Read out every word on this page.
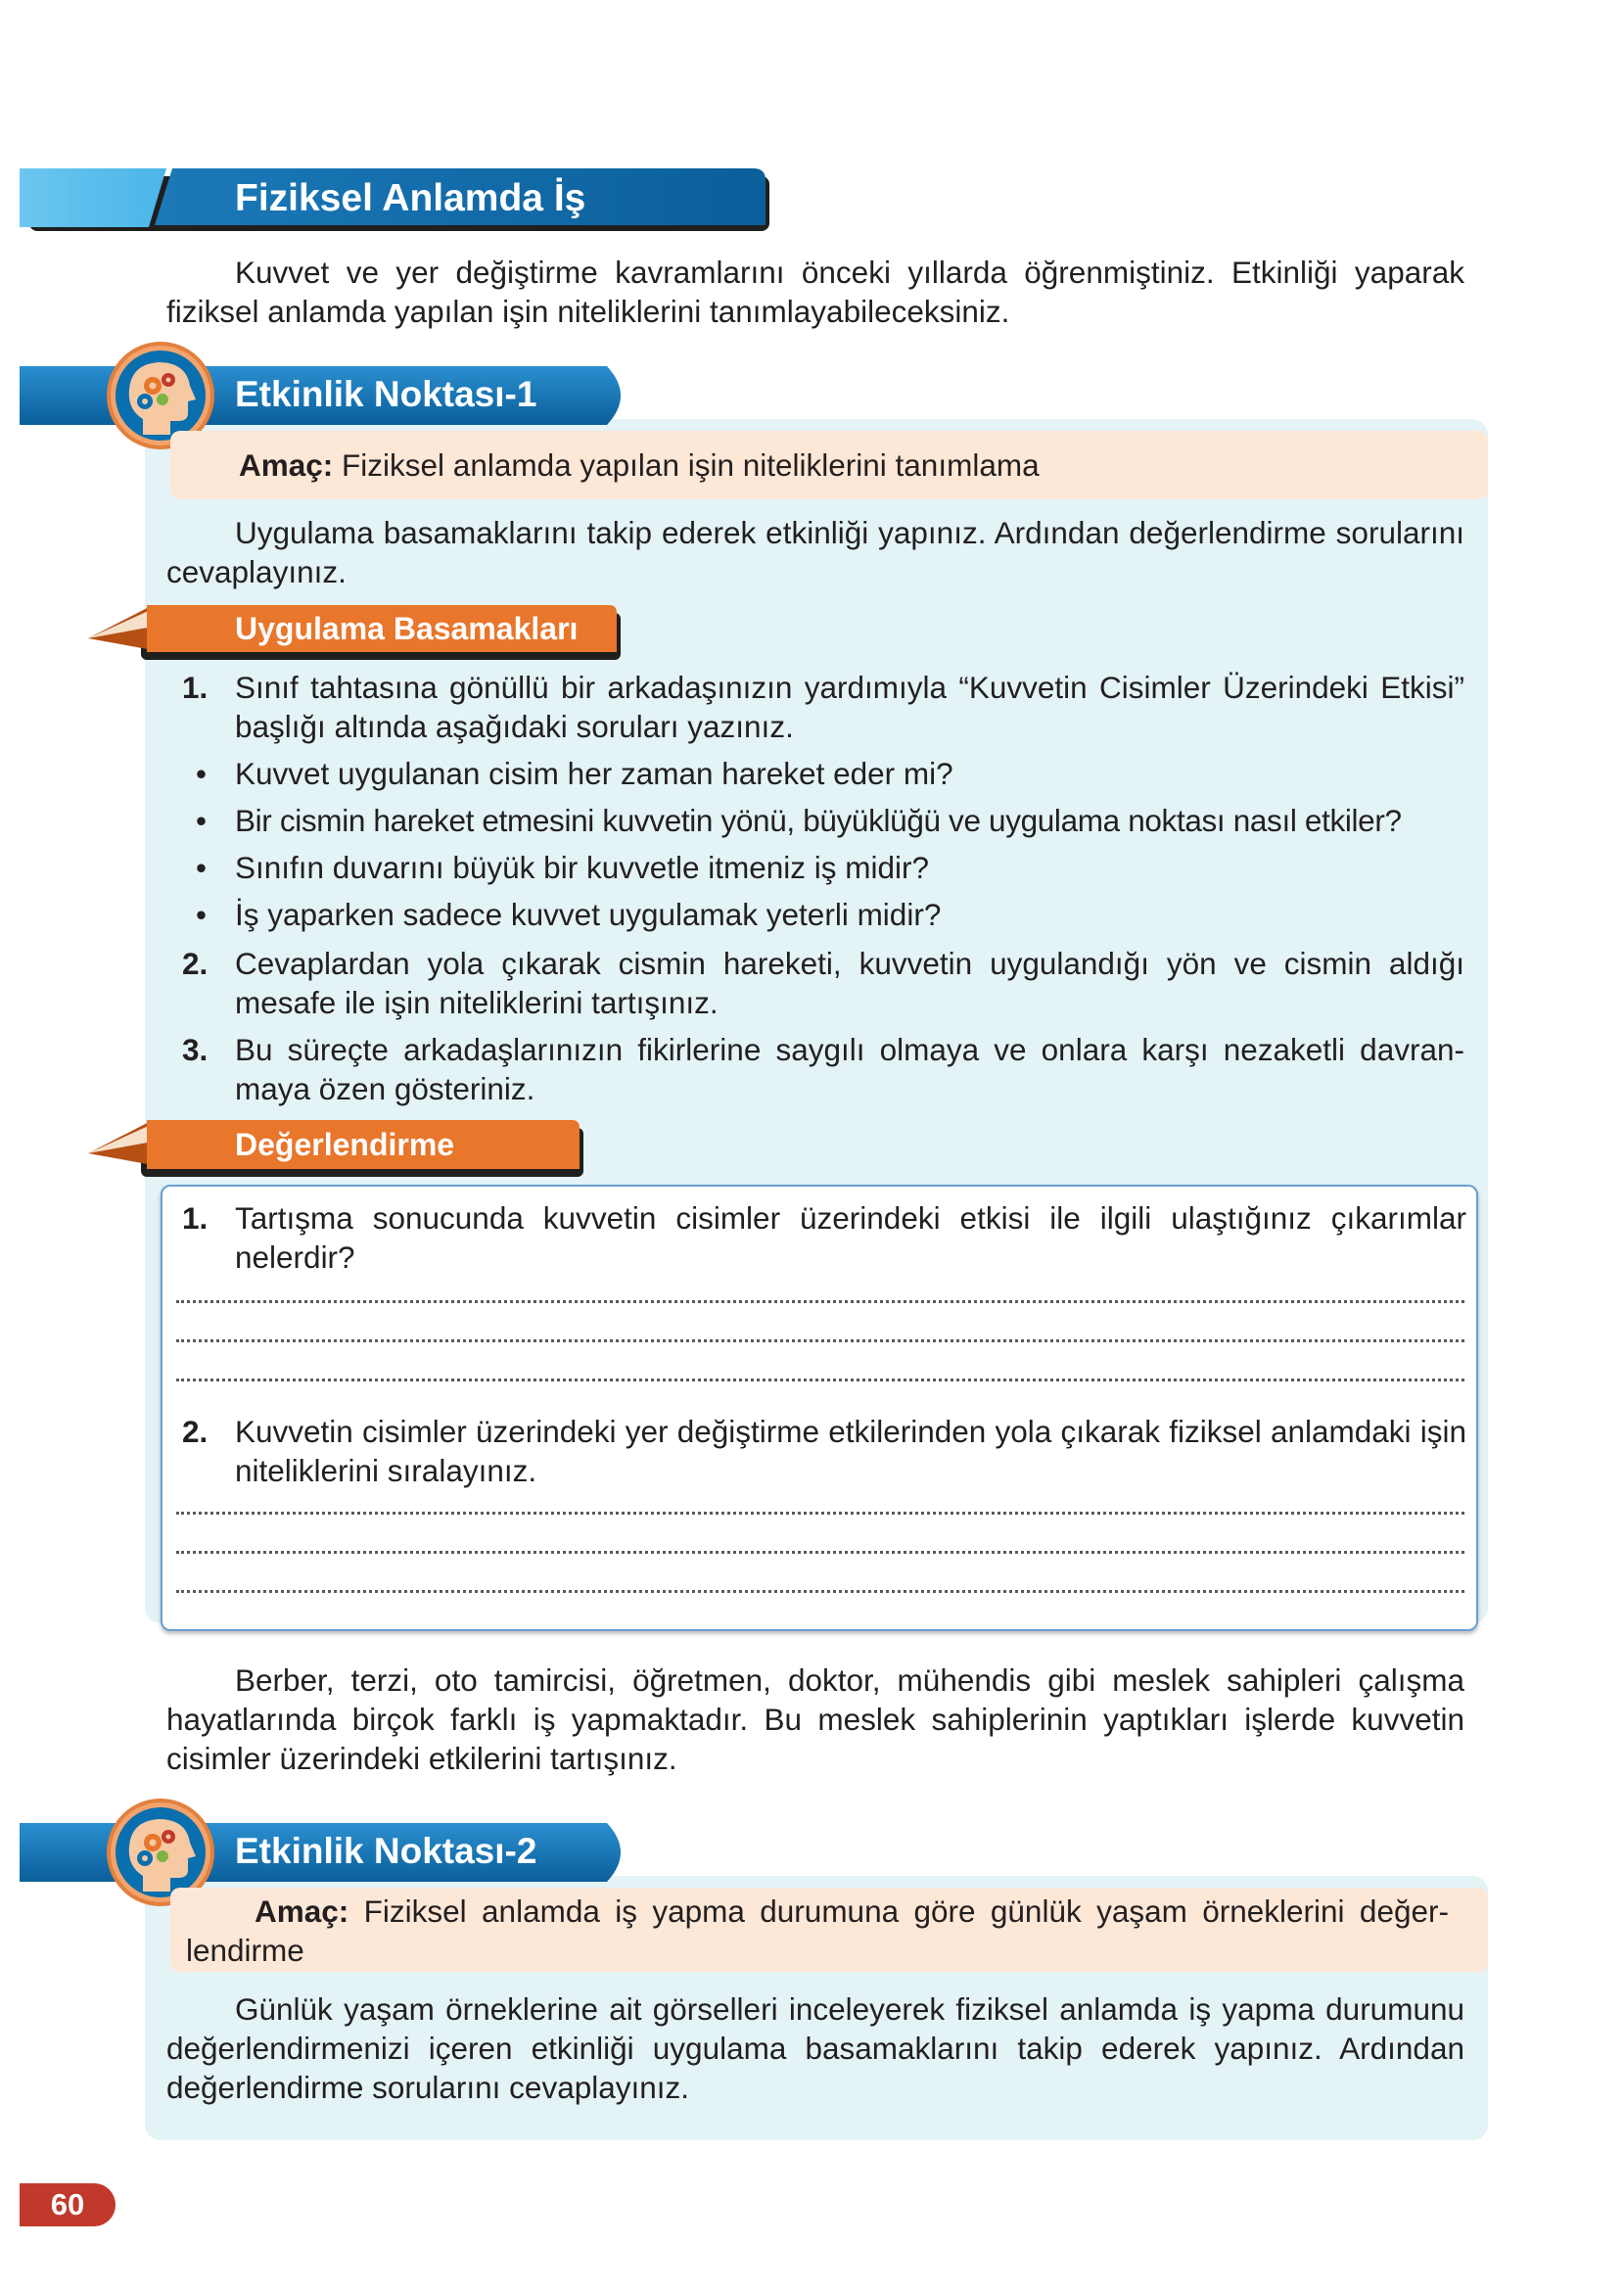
Fiziksel Anlamda İş
Kuvvet ve yer değiştirme kavramlarını önceki yıllarda öğrenmiştiniz. Etkinliği yaparak fiziksel anlamda yapılan işin niteliklerini tanımlayabileceksiniz.
Etkinlik Noktası-1
Amaç: Fiziksel anlamda yapılan işin niteliklerini tanımlama
Uygulama basamaklarını takip ederek etkinliği yapınız. Ardından değerlendirme sorularını cevaplayınız.
Uygulama Basamakları
1. Sınıf tahtasına gönüllü bir arkadaşınızın yardımıyla “Kuvvetin Cisimler Üzerindeki Etkisi” başlığı altında aşağıdaki soruları yazınız.
• Kuvvet uygulanan cisim her zaman hareket eder mi?
• Bir cismin hareket etmesini kuvvetin yönü, büyüklüğü ve uygulama noktası nasıl etkiler?
• Sınıfın duvarını büyük bir kuvvetle itmeniz iş midir?
• İş yaparken sadece kuvvet uygulamak yeterli midir?
2. Cevaplardan yola çıkarak cismin hareketi, kuvvetin uygulandığı yön ve cismin aldığı mesafe ile işin niteliklerini tartışınız.
3. Bu süreçte arkadaşlarınızın fikirlerine saygılı olmaya ve onlara karşı nezaketli davranmaya özen gösteriniz.
Değerlendirme
1. Tartışma sonucunda kuvvetin cisimler üzerindeki etkisi ile ilgili ulaştığınız çıkarımlar nelerdir?
2. Kuvvetin cisimler üzerindeki yer değiştirme etkilerinden yola çıkarak fiziksel anlamdaki işin niteliklerini sıralayınız.
Berber, terzi, oto tamircisi, öğretmen, doktor, mühendis gibi meslek sahipleri çalışma hayatlarında birçok farklı iş yapmaktadır. Bu meslek sahiplerinin yaptıkları işlerde kuvvetin cisimler üzerindeki etkilerini tartışınız.
Etkinlik Noktası-2
Amaç: Fiziksel anlamda iş yapma durumuna göre günlük yaşam örneklerini değerlendirme
Günlük yaşam örneklerine ait görselleri inceleyerek fiziksel anlamda iş yapma durumunu değerlendirmenizi içeren etkinliği uygulama basamaklarını takip ederek yapınız. Ardından değerlendirme sorularını cevaplayınız.
60
